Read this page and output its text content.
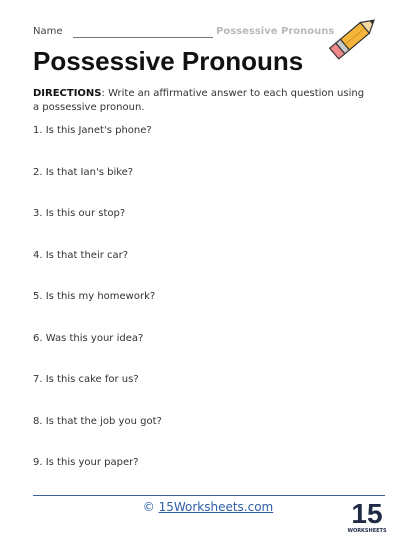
Name	Possessive Pronouns
Possessive Pronouns
DIRECTIONS: Write an affirmative answer to each question using a possessive pronoun.
1. Is this Janet's phone?
2. Is that Ian's bike?
3. Is this our stop?
4. Is that their car?
5. Is this my homework?
6. Was this your idea?
7. Is this cake for us?
8. Is that the job you got?
9. Is this your paper?
© 15Worksheets.com	15
WORKSHEETS
